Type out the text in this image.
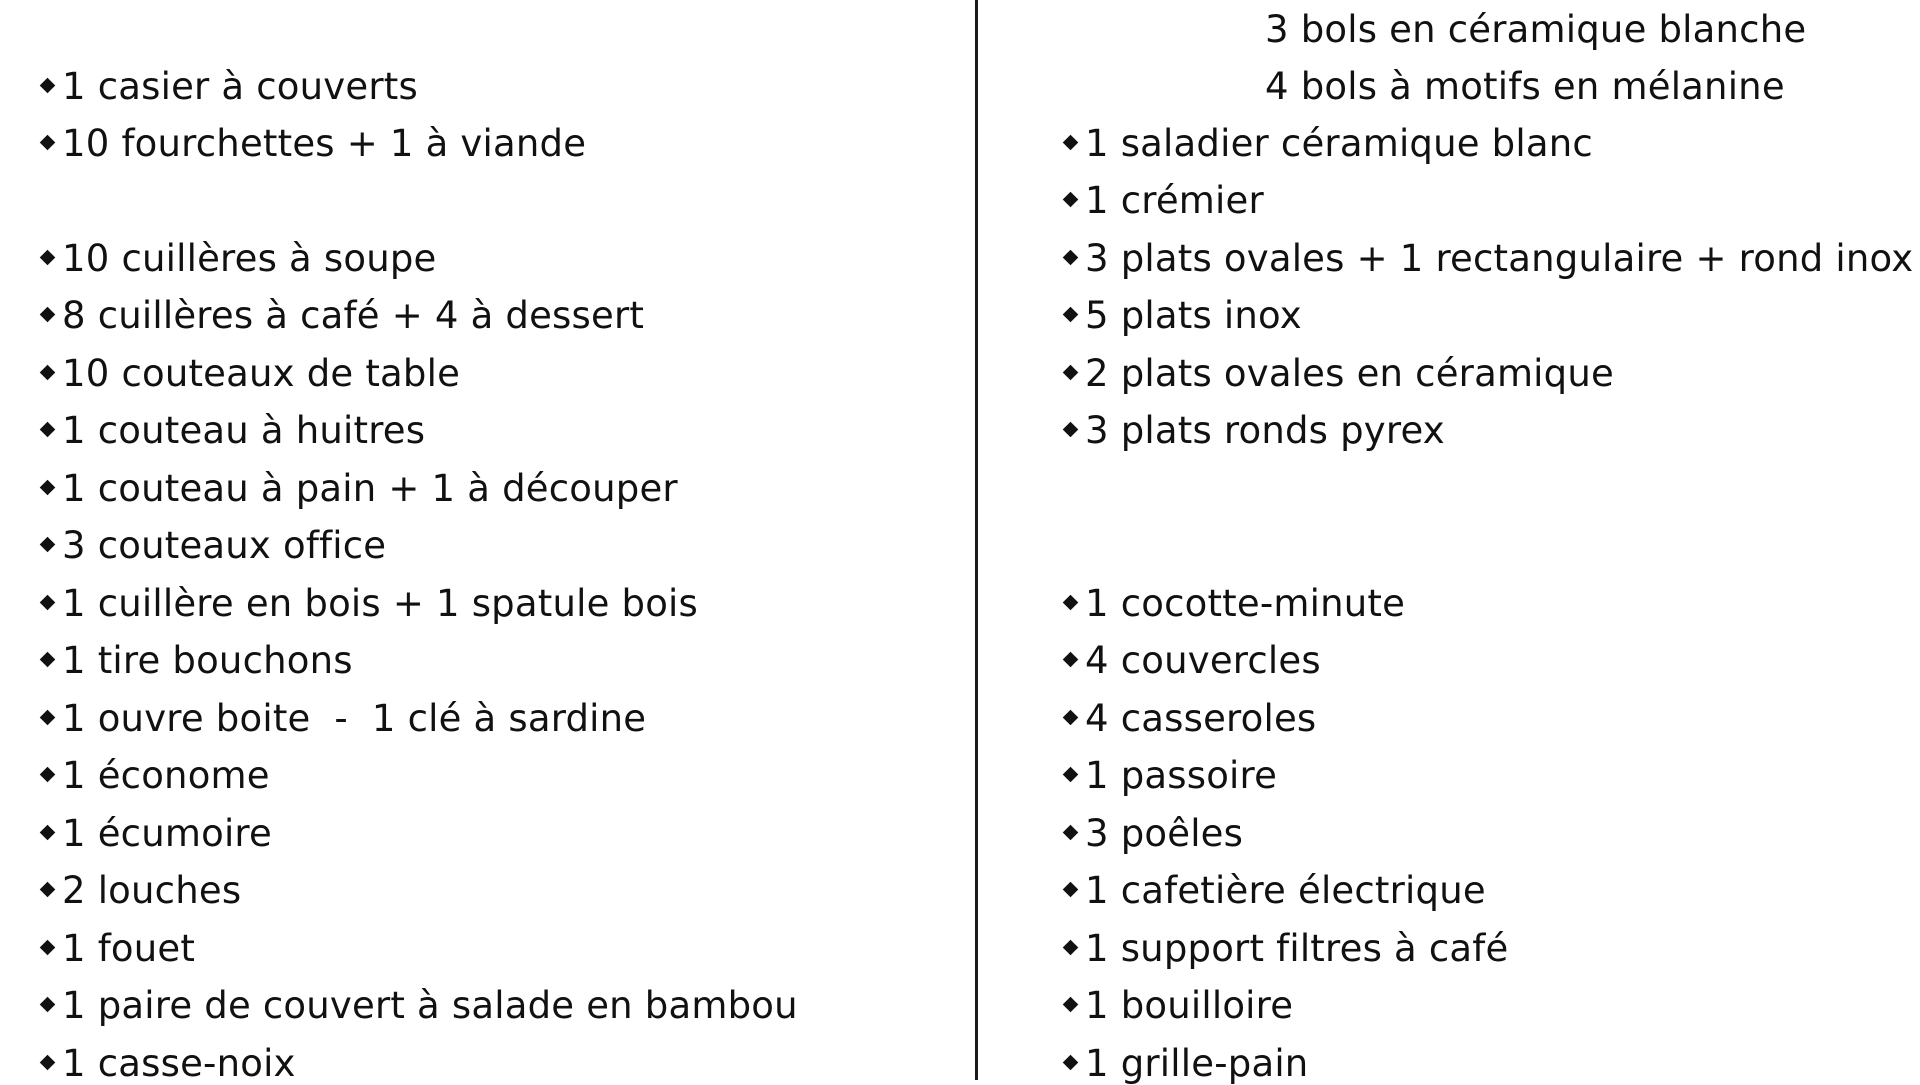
1 casier à couverts
10 fourchettes + 1 à viande
10 cuillères à soupe
8 cuillères à café + 4 à dessert
10 couteaux de table
1 couteau à huitres
1 couteau à pain + 1 à découper
3 couteaux office
1 cuillère en bois + 1 spatule bois
1 tire bouchons
1 ouvre boite  -  1 clé à sardine
1 économe
1 écumoire
2 louches
1 fouet
1 paire de couvert à salade en bambou
1 casse-noix
3 bols en céramique blanche
4 bols à motifs en mélanine
1 saladier céramique blanc
1 crémier
3 plats ovales + 1 rectangulaire + rond inox
5 plats inox
2 plats ovales en céramique
3 plats ronds pyrex
1 cocotte-minute
4 couvercles
4 casseroles
1 passoire
3 poêles
1 cafetière électrique
1 support filtres à café
1 bouilloire
1 grille-pain
